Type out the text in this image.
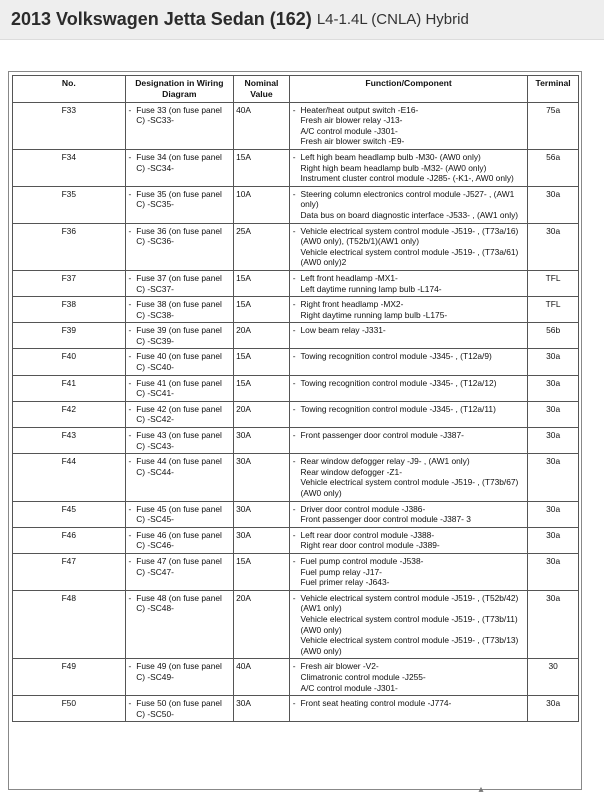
2013 Volkswagen Jetta Sedan (162) L4-1.4L (CNLA) Hybrid
No.	Designation in Wiring Diagram		Nominal Value	Function/Component		Terminal
F33	-	Fuse 33 (on fuse panel C) -SC33-	40A	-	Heater/heat output switch -E16-
Fresh air blower relay -J13-
A/C control module -J301-
Fresh air blower switch -E9-	75a
F34	-	Fuse 34 (on fuse panel C) -SC34-	15A	-	Left high beam headlamp bulb -M30- (AW0 only)
Right high beam headlamp bulb -M32- (AW0 only)
Instrument cluster control module -J285- (-K1-, AW0 only)	56a
F35	-	Fuse 35 (on fuse panel C) -SC35-	10A	-	Steering column electronics control module -J527- , (AW1 only)
Data bus on board diagnostic interface -J533- , (AW1 only)	30a
F36	-	Fuse 36 (on fuse panel C) -SC36-	25A	-	Vehicle electrical system control module -J519- , (T73a/16)(AW0 only), (T52b/1)(AW1 only)
Vehicle electrical system control module -J519- , (T73a/61)(AW0 only)2	30a
F37	-	Fuse 37 (on fuse panel C) -SC37-	15A	-	Left front headlamp -MX1-
Left daytime running lamp bulb -L174-	TFL
F38	-	Fuse 38 (on fuse panel C) -SC38-	15A	-	Right front headlamp -MX2-
Right daytime running lamp bulb -L175-	TFL
F39	-	Fuse 39 (on fuse panel C) -SC39-	20A	-	Low beam relay -J331-	56b
F40	-	Fuse 40 (on fuse panel C) -SC40-	15A	-	Towing recognition control module -J345- , (T12a/9)	30a
F41	-	Fuse 41 (on fuse panel C) -SC41-	15A	-	Towing recognition control module -J345- , (T12a/12)	30a
F42	-	Fuse 42 (on fuse panel C) -SC42-	20A	-	Towing recognition control module -J345- , (T12a/11)	30a
F43	-	Fuse 43 (on fuse panel C) -SC43-	30A	-	Front passenger door control module -J387-	30a
F44	-	Fuse 44 (on fuse panel C) -SC44-	30A	-	Rear window defogger relay -J9- , (AW1 only)
Rear window defogger -Z1-
Vehicle electrical system control module -J519- , (T73b/67) (AW0 only)	30a
F45	-	Fuse 45 (on fuse panel C) -SC45-	30A	-	Driver door control module -J386-
Front passenger door control module -J387- 3	30a
F46	-	Fuse 46 (on fuse panel C) -SC46-	30A	-	Left rear door control module -J388-
Right rear door control module -J389-	30a
F47	-	Fuse 47 (on fuse panel C) -SC47-	15A	-	Fuel pump control module -J538-
Fuel pump relay -J17-
Fuel primer relay -J643-	30a
F48	-	Fuse 48 (on fuse panel C) -SC48-	20A	-	Vehicle electrical system control module -J519- , (T52b/42) (AW1 only)
Vehicle electrical system control module -J519- , (T73b/11) (AW0 only)
Vehicle electrical system control module -J519- , (T73b/13) (AW0 only)	30a
F49	-	Fuse 49 (on fuse panel C) -SC49-	40A	-	Fresh air blower -V2-
Climatronic control module -J255-
A/C control module -J301-	30
F50	-	Fuse 50 (on fuse panel C) -SC50-	30A	-	Front seat heating control module -J774-	30a
▴
